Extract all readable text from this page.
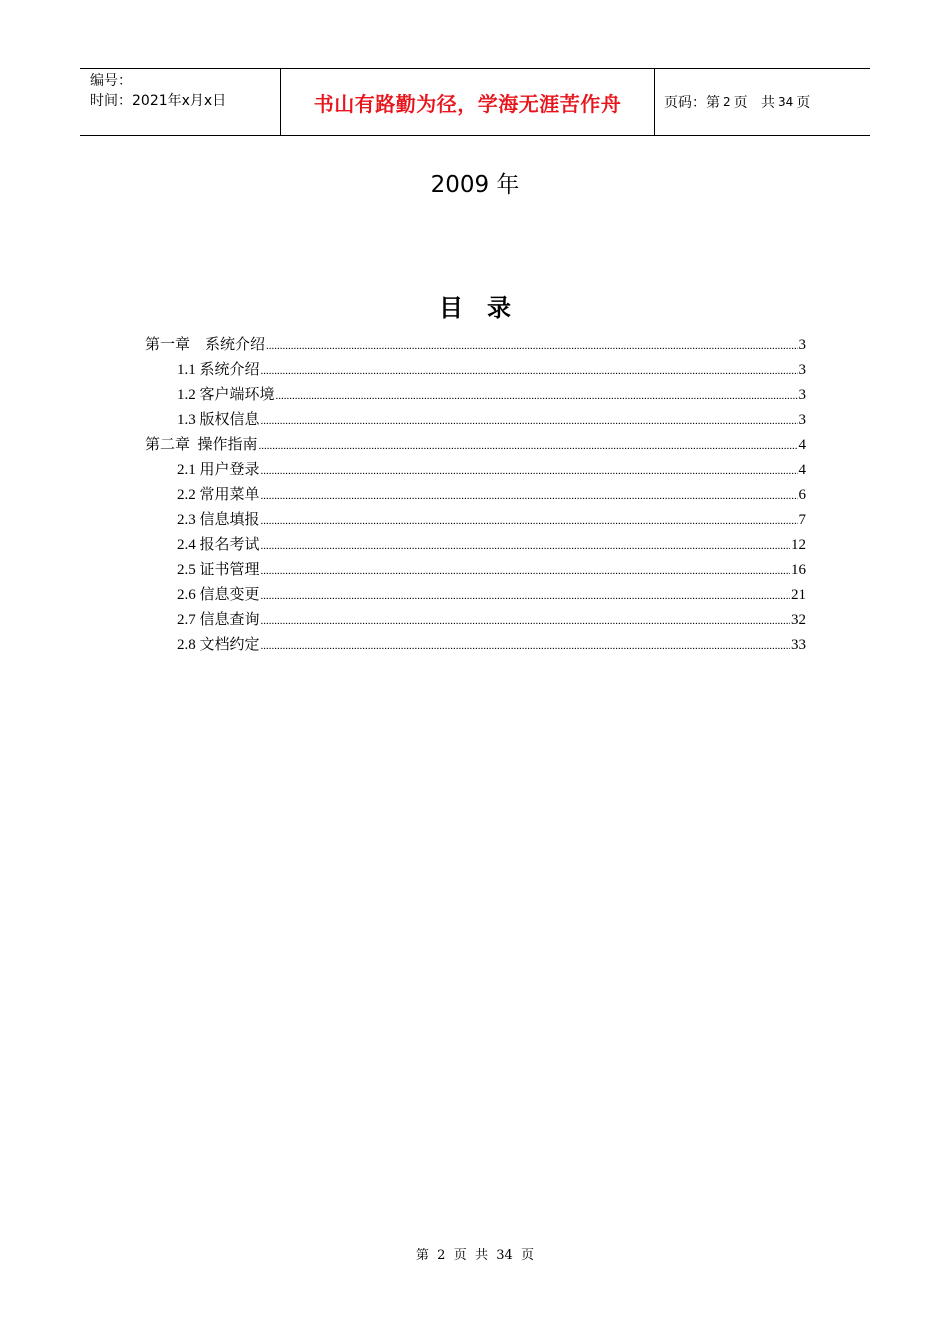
编号：
时间：2021年x月x日	书山有路勤为径，学海无涯苦作舟	页码：第 2 页   共 34 页
2009 年
目录
第一章    系统介绍 .....	3
1.1 系统介绍 .....	3
1.2 客户端环境 .....	3
1.3 版权信息 .....	3
第二章  操作指南 .....	4
2.1 用户登录 .....	4
2.2 常用菜单 .....	6
2.3 信息填报 .....	7
2.4 报名考试 .....	12
2.5 证书管理 .....	16
2.6 信息变更 .....	21
2.7 信息查询 .....	32
2.8 文档约定 .....	33
第  2  页  共  34  页
